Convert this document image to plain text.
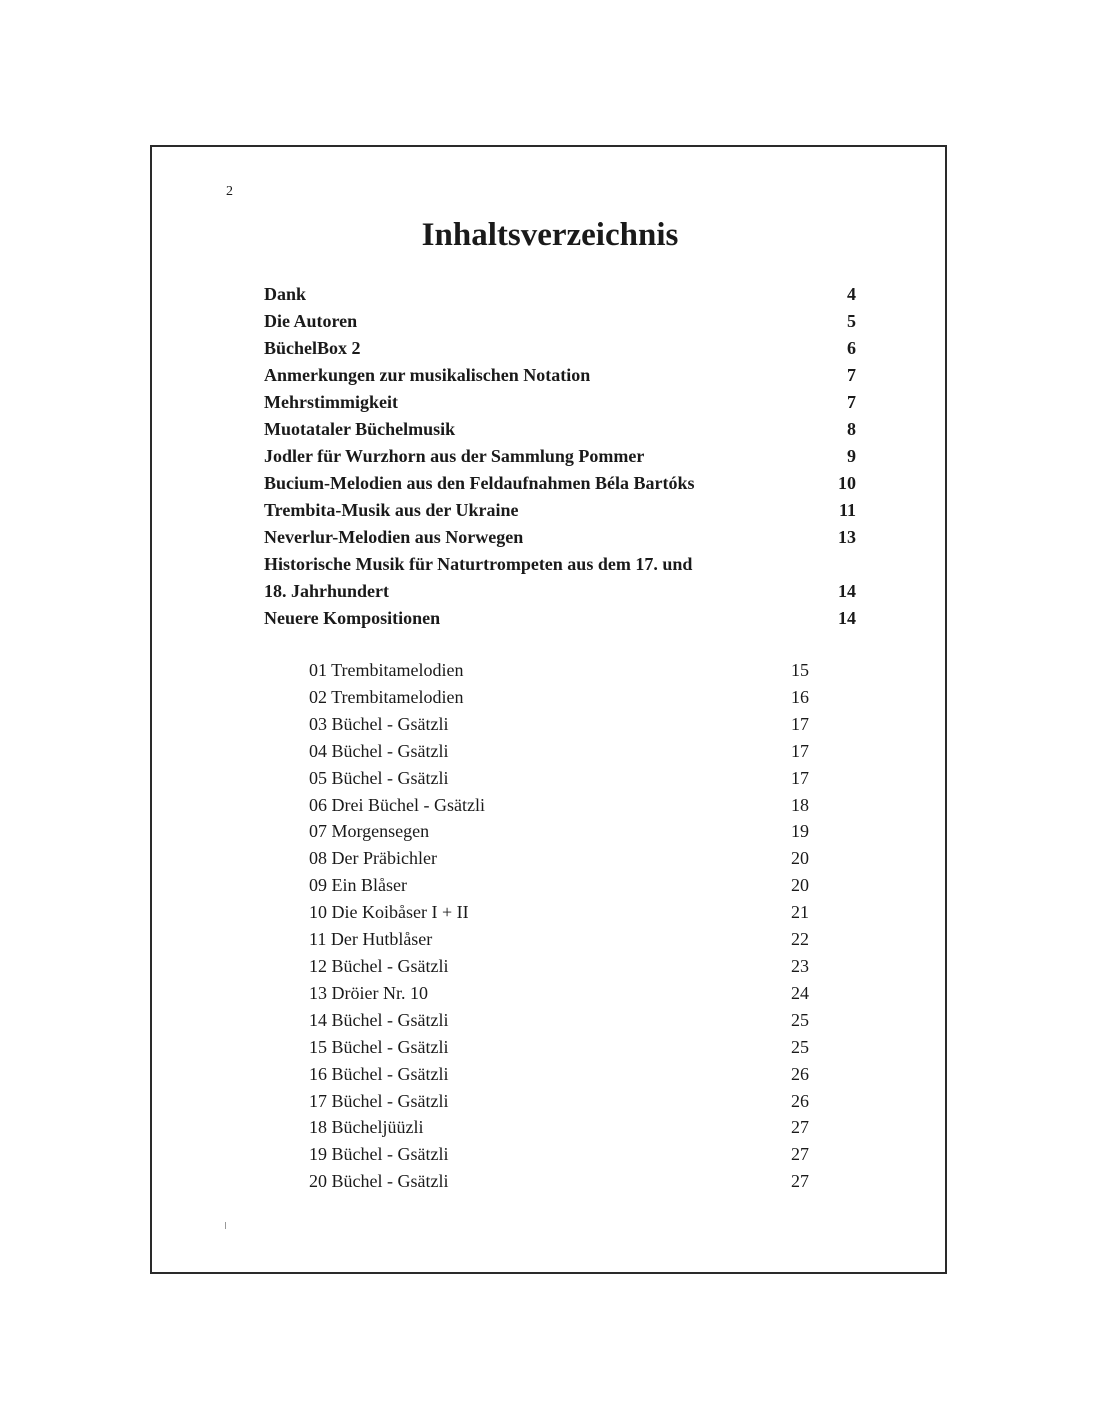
2
Inhaltsverzeichnis
Dank	4
Die Autoren	5
BüchelBox 2	6
Anmerkungen zur musikalischen Notation	7
Mehrstimmigkeit	7
Muotataler Büchelmusik	8
Jodler für Wurzhorn aus der Sammlung Pommer	9
Bucium-Melodien aus den Feldaufnahmen Béla Bartóks	10
Trembita-Musik aus der Ukraine	11
Neverlur-Melodien aus Norwegen	13
Historische Musik für Naturtrompeten aus dem 17. und
18. Jahrhundert	14
Neuere Kompositionen	14
01 Trembitamelodien	15
02 Trembitamelodien	16
03 Büchel - Gsätzli	17
04 Büchel - Gsätzli	17
05 Büchel - Gsätzli	17
06 Drei Büchel - Gsätzli	18
07 Morgensegen	19
08 Der Präbichler	20
09 Ein Blåser	20
10 Die Koibåser I + II	21
11 Der Hutblåser	22
12 Büchel - Gsätzli	23
13 Dröier Nr. 10	24
14 Büchel - Gsätzli	25
15 Büchel - Gsätzli	25
16 Büchel - Gsätzli	26
17 Büchel - Gsätzli	26
18 Bücheljüüzli	27
19 Büchel - Gsätzli	27
20 Büchel - Gsätzli	27
